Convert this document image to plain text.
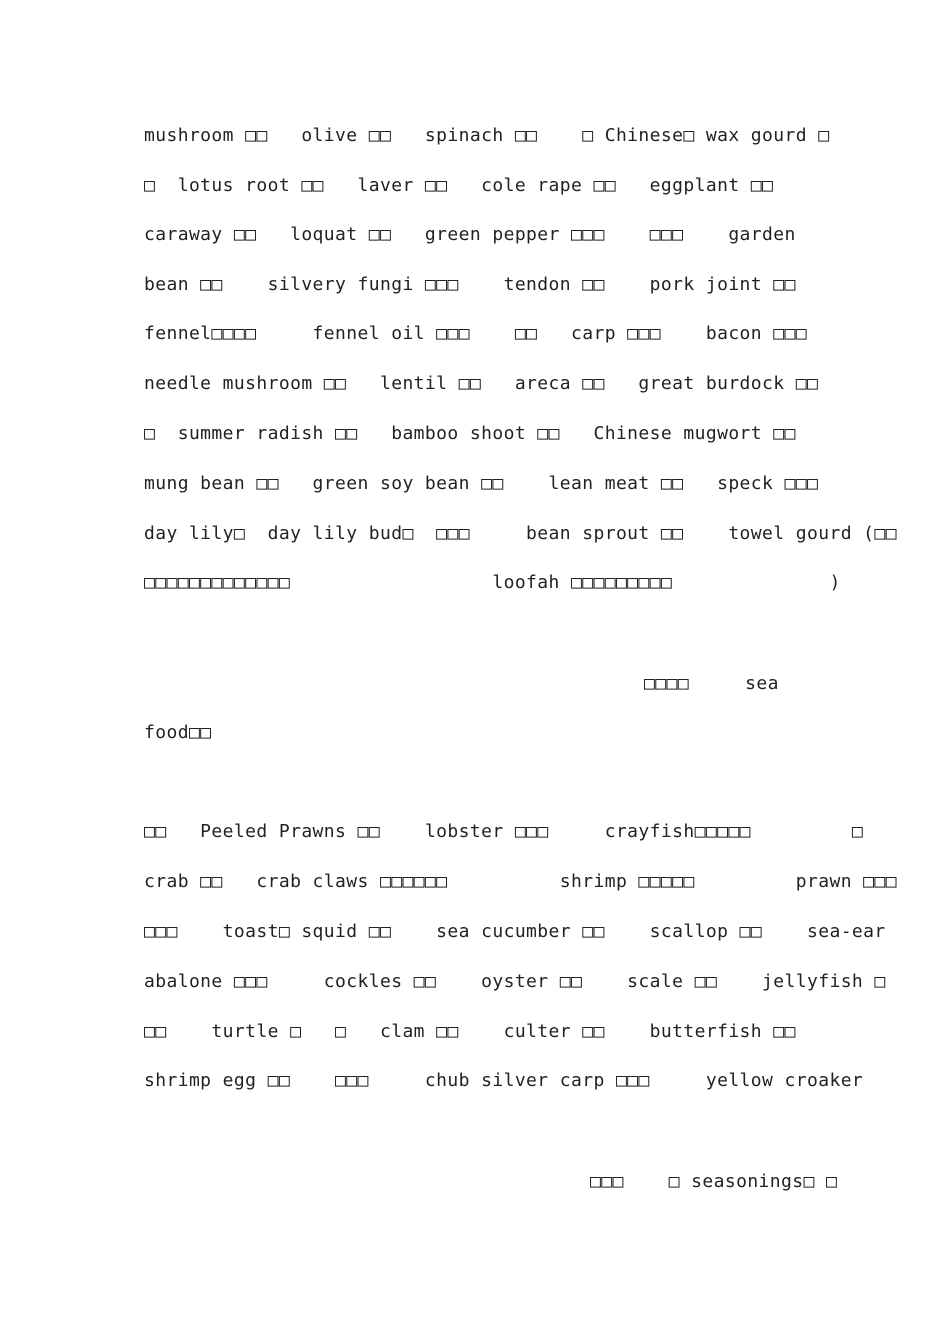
mushroom □□   olive □□   spinach □□    □ Chinese□ wax gourd □
□  lotus root □□   laver □□   cole rape □□   eggplant □□
caraway □□   loquat □□   green pepper □□□    □□□    garden
bean □□    silvery fungi □□□    tendon □□    pork joint □□
fennel□□□□     fennel oil □□□    □□   carp □□□    bacon □□□
needle mushroom □□   lentil □□   areca □□   great burdock □□
□  summer radish □□   bamboo shoot □□   Chinese mugwort □□
mung bean □□   green soy bean □□    lean meat □□   speck □□□
day lily□  day lily bud□  □□□     bean sprout □□    towel gourd (□□
□□□□□□□□□□□□□                  loofah □□□□□□□□□              )
□□□□     sea
food□□
□□   Peeled Prawns □□    lobster □□□     crayfish□□□□□         □
crab □□   crab claws □□□□□□          shrimp □□□□□         prawn □□□
□□□    toast□ squid □□    sea cucumber □□    scallop □□    sea-ear
abalone □□□     cockles □□    oyster □□    scale □□    jellyfish □
□□    turtle □   □   clam □□    culter □□    butterfish □□
shrimp egg □□    □□□     chub silver carp □□□     yellow croaker
□□□    □ seasonings□ □
